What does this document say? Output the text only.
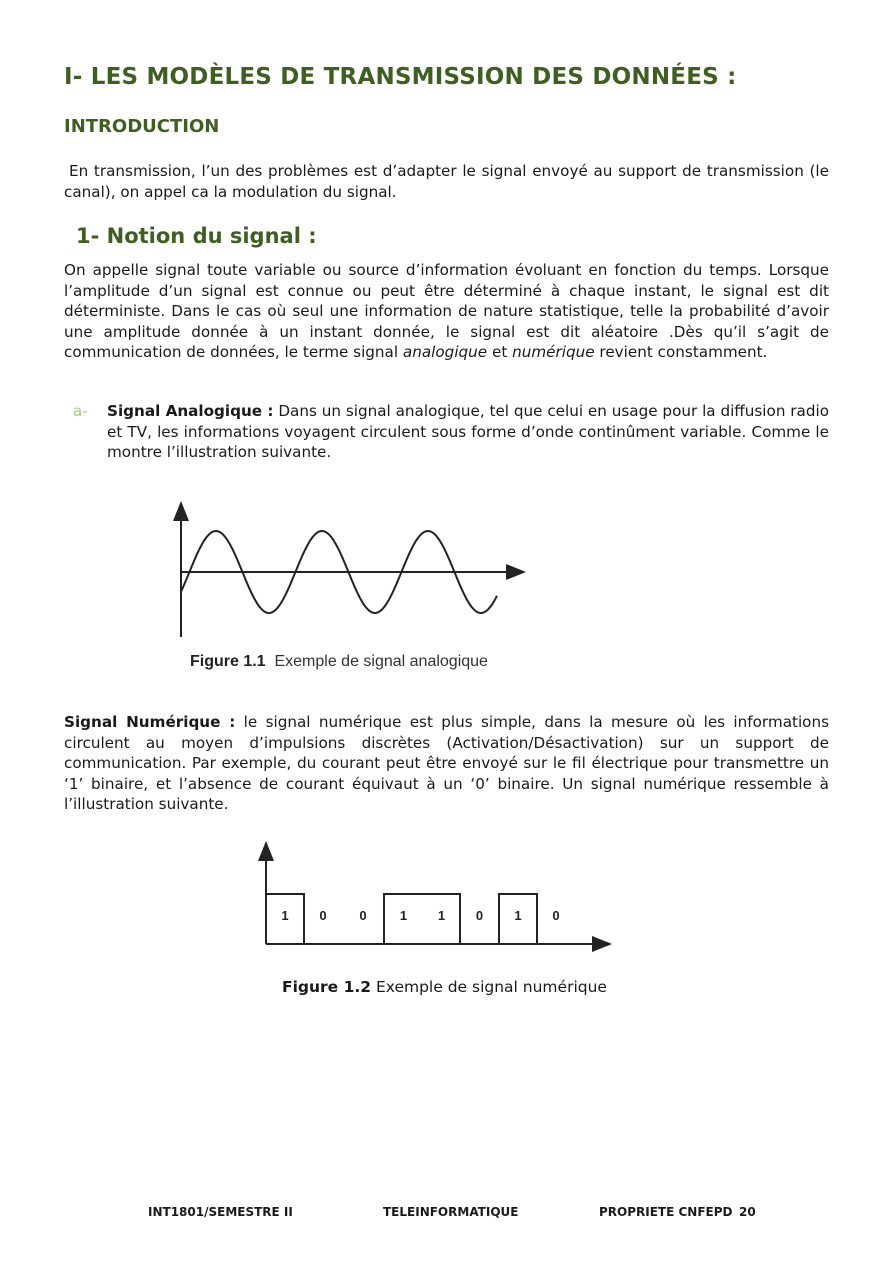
I- LES MODÈLES DE TRANSMISSION DES DONNÉES :
INTRODUCTION
En transmission, l’un des problèmes est d’adapter le signal envoyé au support de transmission (le canal), on appel ca la modulation du signal.
1- Notion du signal :
On appelle signal toute variable ou source d’information évoluant en fonction du temps. Lorsque l’amplitude d’un signal est connue ou peut être déterminé à chaque instant, le signal est dit déterministe. Dans le cas où seul une information de nature statistique, telle la probabilité d’avoir une amplitude donnée à un instant donnée, le signal est dit aléatoire .Dès qu’il s’agit de communication de données, le terme signal analogique et numérique revient constamment.
a- Signal Analogique : Dans un signal analogique, tel que celui en usage pour la diffusion radio et TV, les informations voyagent circulent sous forme d’onde continûment variable. Comme le montre l’illustration suivante.
Figure 1.1 Exemple de signal analogique
Signal Numérique : le signal numérique est plus simple, dans la mesure où les informations circulent au moyen d’impulsions discrètes (Activation/Désactivation) sur un support de communication. Par exemple, du courant peut être envoyé sur le fil électrique pour transmettre un ‘1’ binaire, et l’absence de courant équivaut à un ‘0’ binaire. Un signal numérique ressemble à l’illustration suivante.
1 0	0	1 1 0 1 0
Figure 1.2 Exemple de signal numérique
INT1801/SEMESTRE II	TELEINFORMATIQUE	PROPRIETE CNFEPD 20
